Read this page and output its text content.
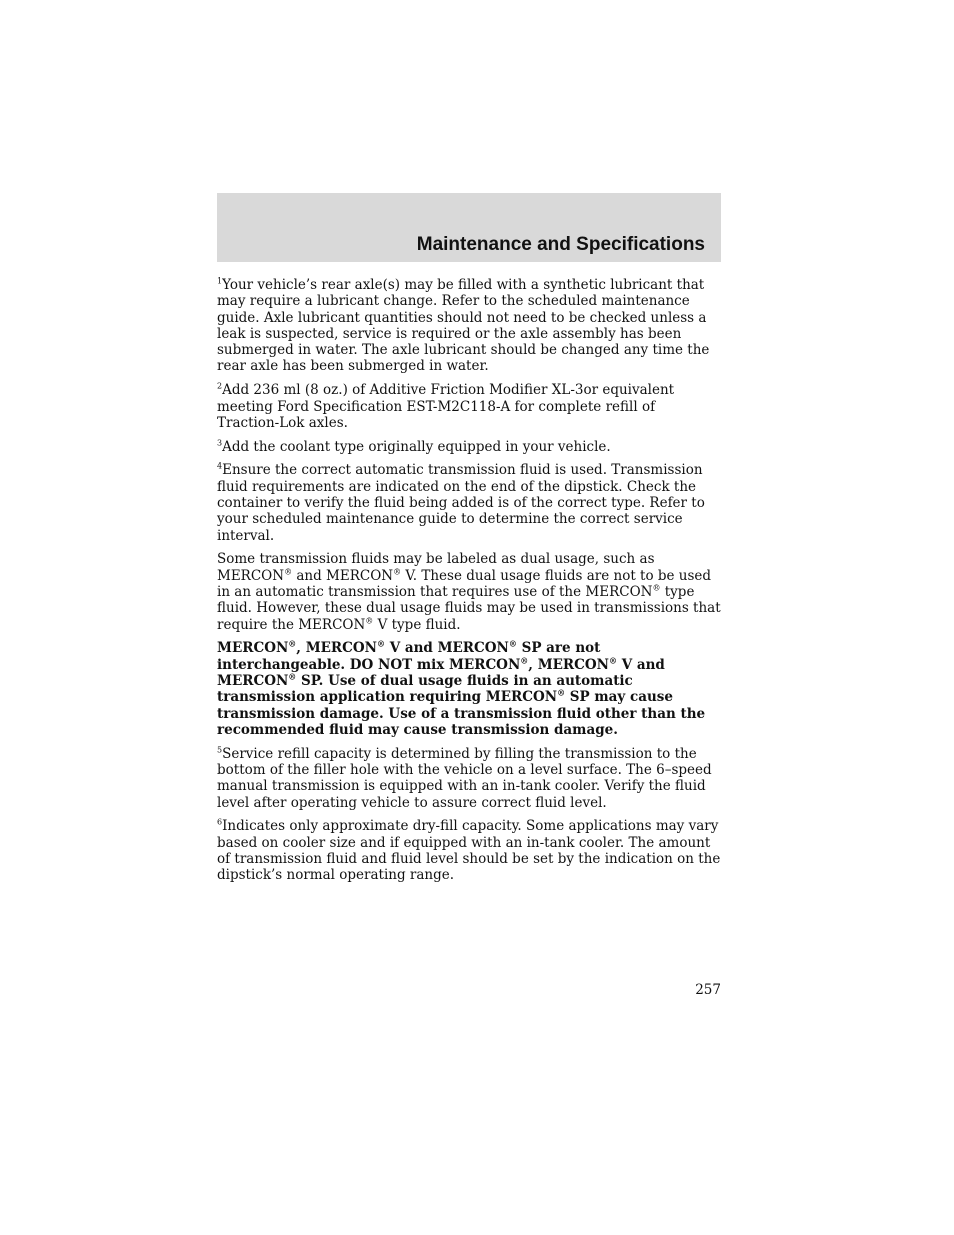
Maintenance and Specifications

$^1$Your vehicle’s rear axle(s) may be filled with a synthetic lubricant that may require a lubricant change. Refer to the scheduled maintenance guide. Axle lubricant quantities should not need to be checked unless a leak is suspected, service is required or the axle assembly has been submerged in water. The axle lubricant should be changed any time the rear axle has been submerged in water.

$^2$Add 236 ml (8 oz.) of Additive Friction Modifier XL-3or equivalent meeting Ford Specification EST-M2C118-A for complete refill of Traction-Lok axles.

$^3$Add the coolant type originally equipped in your vehicle.

$^4$Ensure the correct automatic transmission fluid is used. Transmission fluid requirements are indicated on the end of the dipstick. Check the container to verify the fluid being added is of the correct type. Refer to your scheduled maintenance guide to determine the correct service interval.

Some transmission fluids may be labeled as dual usage, such as MERCON® and MERCON® V. These dual usage fluids are not to be used in an automatic transmission that requires use of the MERCON® type fluid. However, these dual usage fluids may be used in transmissions that require the MERCON® V type fluid.

MERCON®, MERCON® V and MERCON® SP are not interchangeable. DO NOT mix MERCON®, MERCON® V and MERCON® SP. Use of dual usage fluids in an automatic transmission application requiring MERCON® SP may cause transmission damage. Use of a transmission fluid other than the recommended fluid may cause transmission damage.

$^5$Service refill capacity is determined by filling the transmission to the bottom of the filler hole with the vehicle on a level surface. The 6–speed manual transmission is equipped with an in-tank cooler. Verify the fluid level after operating vehicle to assure correct fluid level.

$^6$Indicates only approximate dry-fill capacity. Some applications may vary based on cooler size and if equipped with an in-tank cooler. The amount of transmission fluid and fluid level should be set by the indication on the dipstick’s normal operating range.

257
